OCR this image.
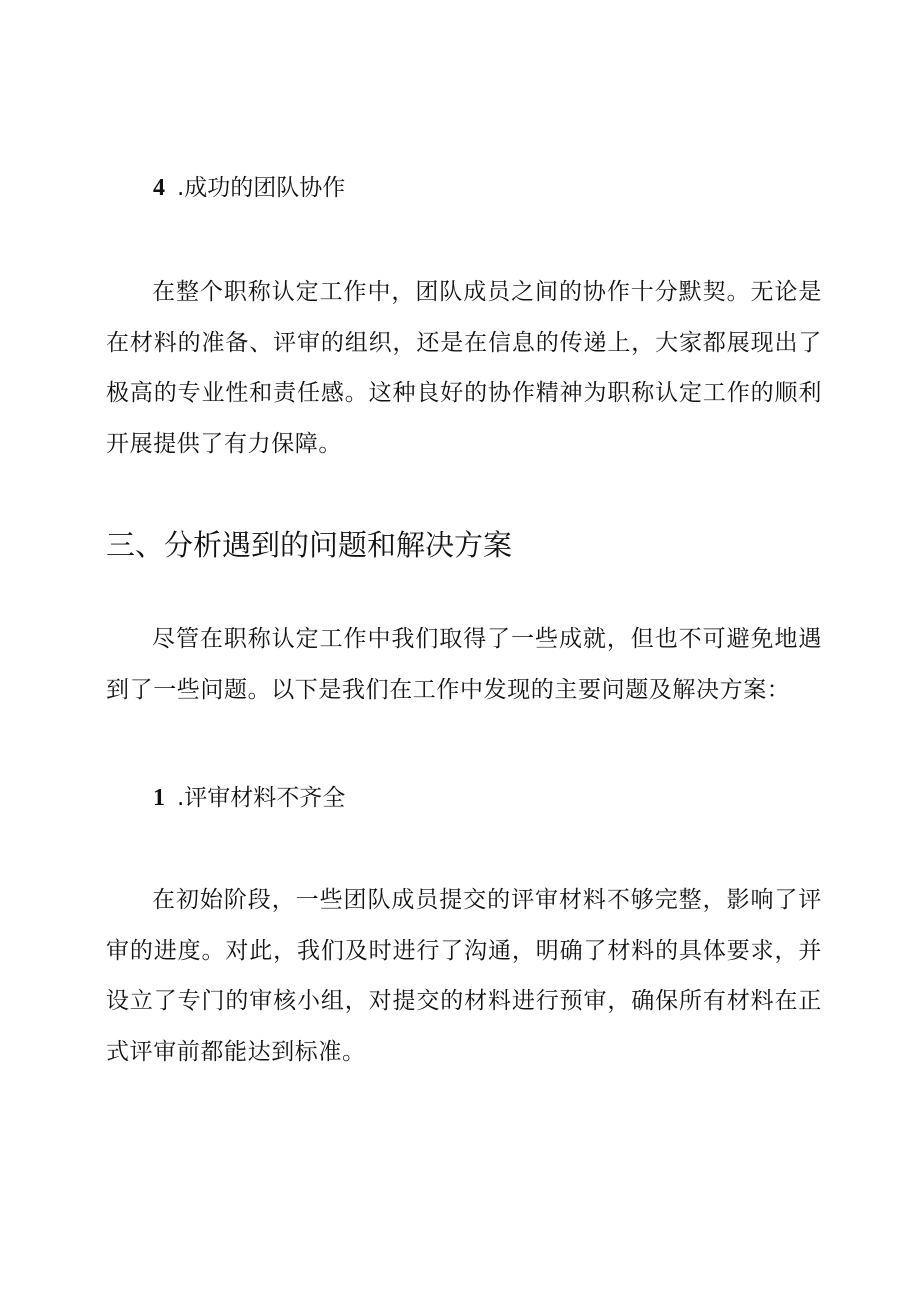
4 .成功的团队协作

在整个职称认定工作中，团队成员之间的协作十分默契。无论是在材料的准备、评审的组织，还是在信息的传递上，大家都展现出了极高的专业性和责任感。这种良好的协作精神为职称认定工作的顺利开展提供了有力保障。

三、分析遇到的问题和解决方案

尽管在职称认定工作中我们取得了一些成就，但也不可避免地遇到了一些问题。以下是我们在工作中发现的主要问题及解决方案：

1 .评审材料不齐全

在初始阶段，一些团队成员提交的评审材料不够完整，影响了评审的进度。对此，我们及时进行了沟通，明确了材料的具体要求，并设立了专门的审核小组，对提交的材料进行预审，确保所有材料在正式评审前都能达到标准。
